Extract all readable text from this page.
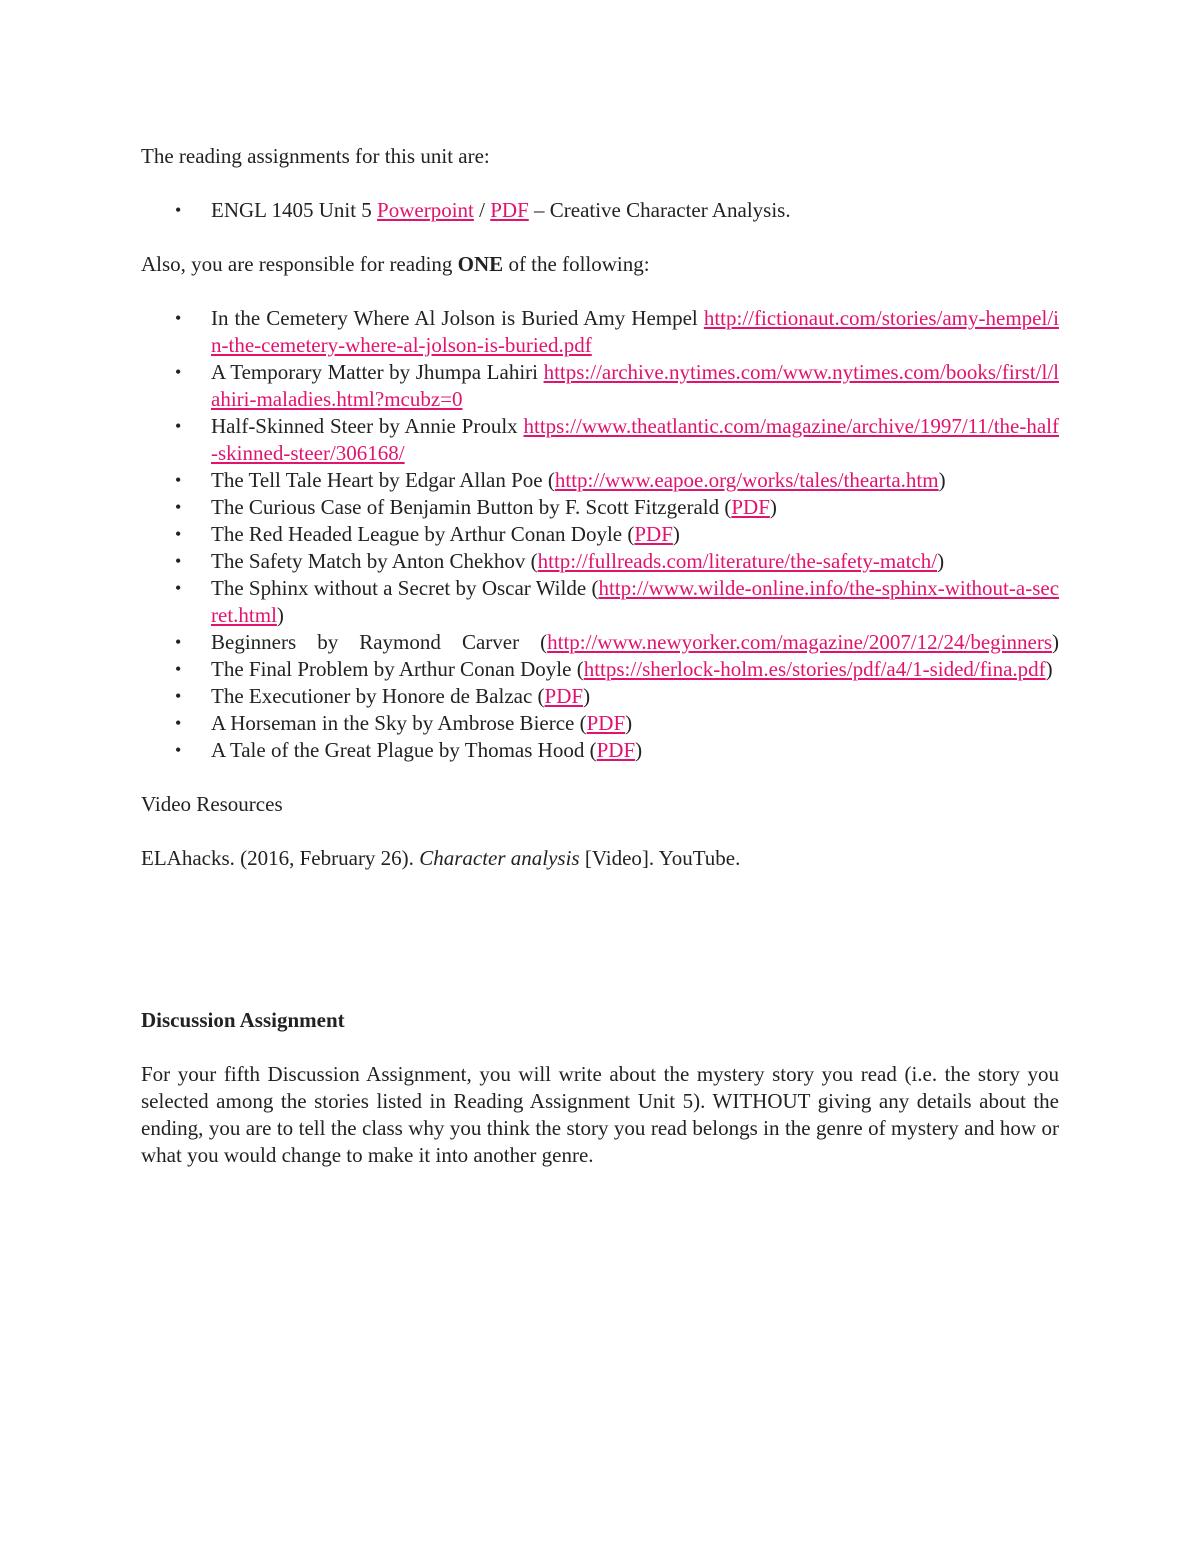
The reading assignments for this unit are:

• ENGL 1405 Unit 5 Powerpoint / PDF – Creative Character Analysis.

Also, you are responsible for reading ONE of the following:

• In the Cemetery Where Al Jolson is Buried Amy Hempel http://fictionaut.com/stories/amy-hempel/in-the-cemetery-where-al-jolson-is-buried.pdf
• A Temporary Matter by Jhumpa Lahiri https://archive.nytimes.com/www.nytimes.com/books/first/l/lahiri-maladies.html?mcubz=0
• Half-Skinned Steer by Annie Proulx https://www.theatlantic.com/magazine/archive/1997/11/the-half-skinned-steer/306168/
• The Tell Tale Heart by Edgar Allan Poe (http://www.eapoe.org/works/tales/thearta.htm)
• The Curious Case of Benjamin Button by F. Scott Fitzgerald (PDF)
• The Red Headed League by Arthur Conan Doyle (PDF)
• The Safety Match by Anton Chekhov (http://fullreads.com/literature/the-safety-match/)
• The Sphinx without a Secret by Oscar Wilde (http://www.wilde-online.info/the-sphinx-without-a-secret.html)
• Beginners by Raymond Carver (http://www.newyorker.com/magazine/2007/12/24/beginners)
• The Final Problem by Arthur Conan Doyle (https://sherlock-holm.es/stories/pdf/a4/1-sided/fina.pdf)
• The Executioner by Honore de Balzac (PDF)
• A Horseman in the Sky by Ambrose Bierce (PDF)
• A Tale of the Great Plague by Thomas Hood (PDF)

Video Resources

ELAhacks. (2016, February 26). Character analysis [Video]. YouTube.

Discussion Assignment

For your fifth Discussion Assignment, you will write about the mystery story you read (i.e. the story you selected among the stories listed in Reading Assignment Unit 5). WITHOUT giving any details about the ending, you are to tell the class why you think the story you read belongs in the genre of mystery and how or what you would change to make it into another genre.
